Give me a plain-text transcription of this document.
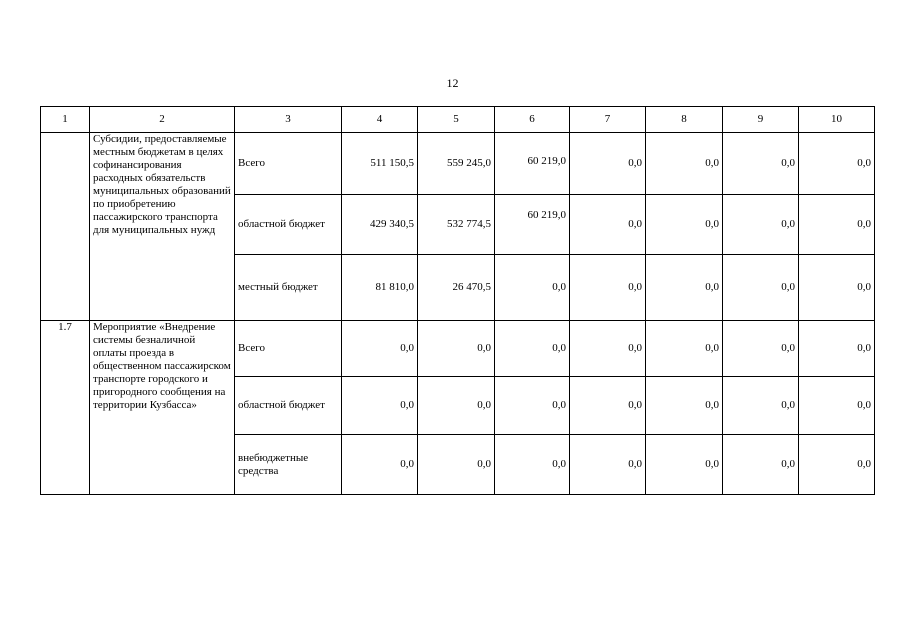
12
1	2	3	4	5	6	7	8	9	10
	Субсидии, предоставляемые местным бюджетам в целях софинансирования расходных обязательств муниципальных образований по приобретению пассажирского транспорта для муниципальных нужд	Всего	511 150,5	559 245,0	60 219,0	0,0	0,0	0,0	0,0
		областной бюджет	429 340,5	532 774,5	60 219,0	0,0	0,0	0,0	0,0
		местный бюджет	81 810,0	26 470,5	0,0	0,0	0,0	0,0	0,0
1.7	Мероприятие «Внедрение системы безналичной оплаты проезда в общественном пассажирском транспорте городского и пригородного сообщения на территории Кузбасса»	Всего	0,0	0,0	0,0	0,0	0,0	0,0	0,0
		областной бюджет	0,0	0,0	0,0	0,0	0,0	0,0	0,0
		внебюджетные средства	0,0	0,0	0,0	0,0	0,0	0,0	0,0
